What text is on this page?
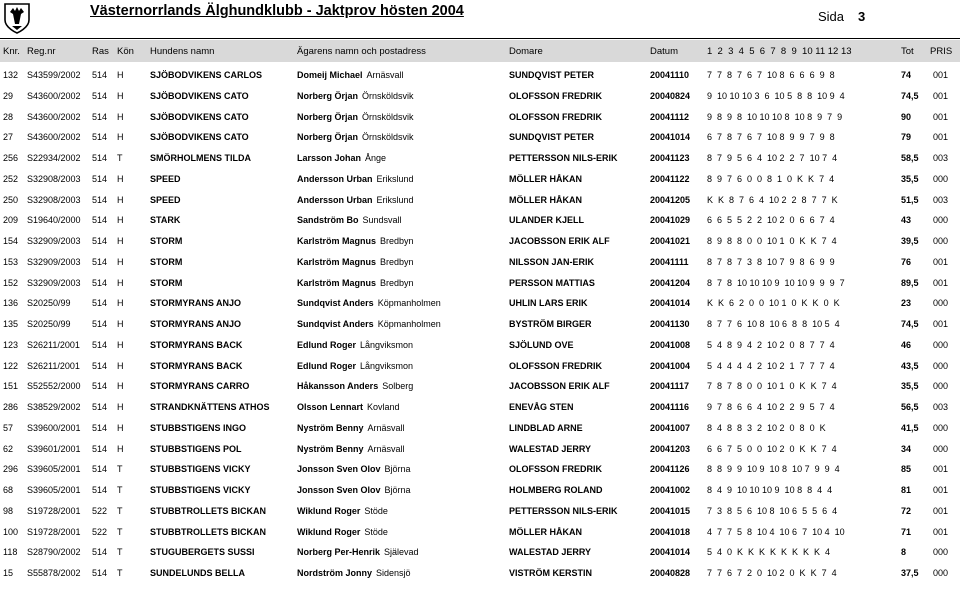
Västernorrlands Älghundklubb - Jaktprov hösten 2004	Sida 3
Knr. Reg.nr	Ras Kön Hundens namn	Ägarens namn och postadress	Domare	Datum	1  2  3  4  5  6  7  8  9  10 11 12 13	Tot PRIS
132 S43599/2002 514 H	SJÖBODVIKENS CARLOS	Domeij Michael Arnäsvall	SUNDQVIST PETER	20041110 7  7  8  7  6  7  10 8  6  6  6  9  8	74 001
29 S43600/2002 514 H	SJÖBODVIKENS CATO	Norberg Örjan Örnsköldsvik	OLOFSSON FREDRIK	20040824 9  10 10 10 3  6  10 5  8  8  10 9  4	74,5 001
28 S43600/2002 514 H	SJÖBODVIKENS CATO	Norberg Örjan Örnsköldsvik	OLOFSSON FREDRIK	20041112 9  8  9  8  10 10 10 8  10 8  9  7  9	90 001
27 S43600/2002 514 H	SJÖBODVIKENS CATO	Norberg Örjan Örnsköldsvik	SUNDQVIST PETER	20041014 6  7  8  7  6  7  10 8  9  9  7  9  8	79 001
256 S22934/2002 514 T	SMÖRHOLMENS TILDA	Larsson Johan Ånge	PETTERSSON NILS-ERIK	20041123 8  7  9  5  6  4  10 2  2  7  10 7  4	58,5 003
252 S32908/2003 514 H	SPEED	Andersson Urban Erikslund	MÖLLER HÅKAN	20041122 8  9  7  6  0  0  8  1  0  K  K  7  4	35,5 000
250 S32908/2003 514 H	SPEED	Andersson Urban Erikslund	MÖLLER HÅKAN	20041205 K  K  8  7  6  4  10 2  2  8  7  7  K	51,5 003
209 S19640/2000 514 H	STARK	Sandström Bo Sundsvall	ULANDER KJELL	20041029 6  6  5  5  2  2  10 2  0  6  6  7  4	43 000
154 S32909/2003 514 H	STORM	Karlström Magnus Bredbyn	JACOBSSON ERIK ALF	20041021 8  9  8  8  0  0  10 1  0  K  K  7  4	39,5 000
153 S32909/2003 514 H	STORM	Karlström Magnus Bredbyn	NILSSON JAN-ERIK	20041111 8  7  8  7  3  8  10 7  9  8  6  9  9	76 001
152 S32909/2003 514 H	STORM	Karlström Magnus Bredbyn	PERSSON MATTIAS	20041204 8  7  8  10 10 10 9  10 10 9  9  9  7	89,5 001
136 S20250/99 514 H	STORMYRANS ANJO	Sundqvist Anders Köpmanholmen	UHLIN LARS ERIK	20041014 K  K  6  2  0  0  10 1  0  K  K  0  K	23 000
135 S20250/99 514 H	STORMYRANS ANJO	Sundqvist Anders Köpmanholmen	BYSTRÖM BIRGER	20041130 8  7  7  6  10 8  10 6  8  8  10 5  4	74,5 001
123 S26211/2001 514 H	STORMYRANS BACK	Edlund Roger Långviksmon	SJÖLUND OVE	20041008 5  4  8  9  4  2  10 2  0  8  7  7  4	46 000
122 S26211/2001 514 H	STORMYRANS BACK	Edlund Roger Långviksmon	OLOFSSON FREDRIK	20041004 5  4  4  4  4  2  10 2  1  7  7  7  4	43,5 000
151 S52552/2000 514 H	STORMYRANS CARRO	Håkansson Anders Solberg	JACOBSSON ERIK ALF	20041117 7  8  7  8  0  0  10 1  0  K  K  7  4	35,5 000
286 S38529/2002 514 H	STRANDKNÄTTENS ATHOS	Olsson Lennart Kovland	ENEVÅG STEN	20041116 9  7  8  6  6  4  10 2  2  9  5  7  4	56,5 003
57 S39600/2001 514 H	STUBBSTIGENS INGO	Nyström Benny Arnäsvall	LINDBLAD ARNE	20041007 8  4  8  8  3  2  10 2  0  8  0  K	41,5 000
62 S39601/2001 514 H	STUBBSTIGENS POL	Nyström Benny Arnäsvall	WALESTAD JERRY	20041203 6  6  7  5  0  0  10 2  0  K  K  7  4	34 000
296 S39605/2001 514 T	STUBBSTIGENS VICKY	Jonsson Sven Olov Björna	OLOFSSON FREDRIK	20041126 8  8  9  9  10 9  10 8  10 7  9  9  4	85 001
68 S39605/2001 514 T	STUBBSTIGENS VICKY	Jonsson Sven Olov Björna	HOLMBERG ROLAND	20041002 8  4  9  10 10 10 9  10 8  8  4  4	81 001
98 S19728/2001 522 T	STUBBTROLLETS BICKAN	Wiklund Roger Stöde	PETTERSSON NILS-ERIK	20041015 7  3  8  5  6  10 8  10 6  5  5  6  4	72 001
100 S19728/2001 522 T	STUBBTROLLETS BICKAN	Wiklund Roger Stöde	MÖLLER HÅKAN	20041018 4  7  7  5  8  10 4  10 6  7  10 4  10	71 001
118 S28790/2002 514 T	STUGUBERGETS SUSSI	Norberg Per-Henrik Själevad	WALESTAD JERRY	20041014 5  4  0  K  K  K  K  K  K  K  K  4	8	000
15 S55878/2002 514 T	SUNDELUNDS BELLA	Nordström Jonny Sidensjö	VISTRÖM KERSTIN	20040828 7  7  6  7  2  0  10 2  0  K  K  7  4	37,5 000
